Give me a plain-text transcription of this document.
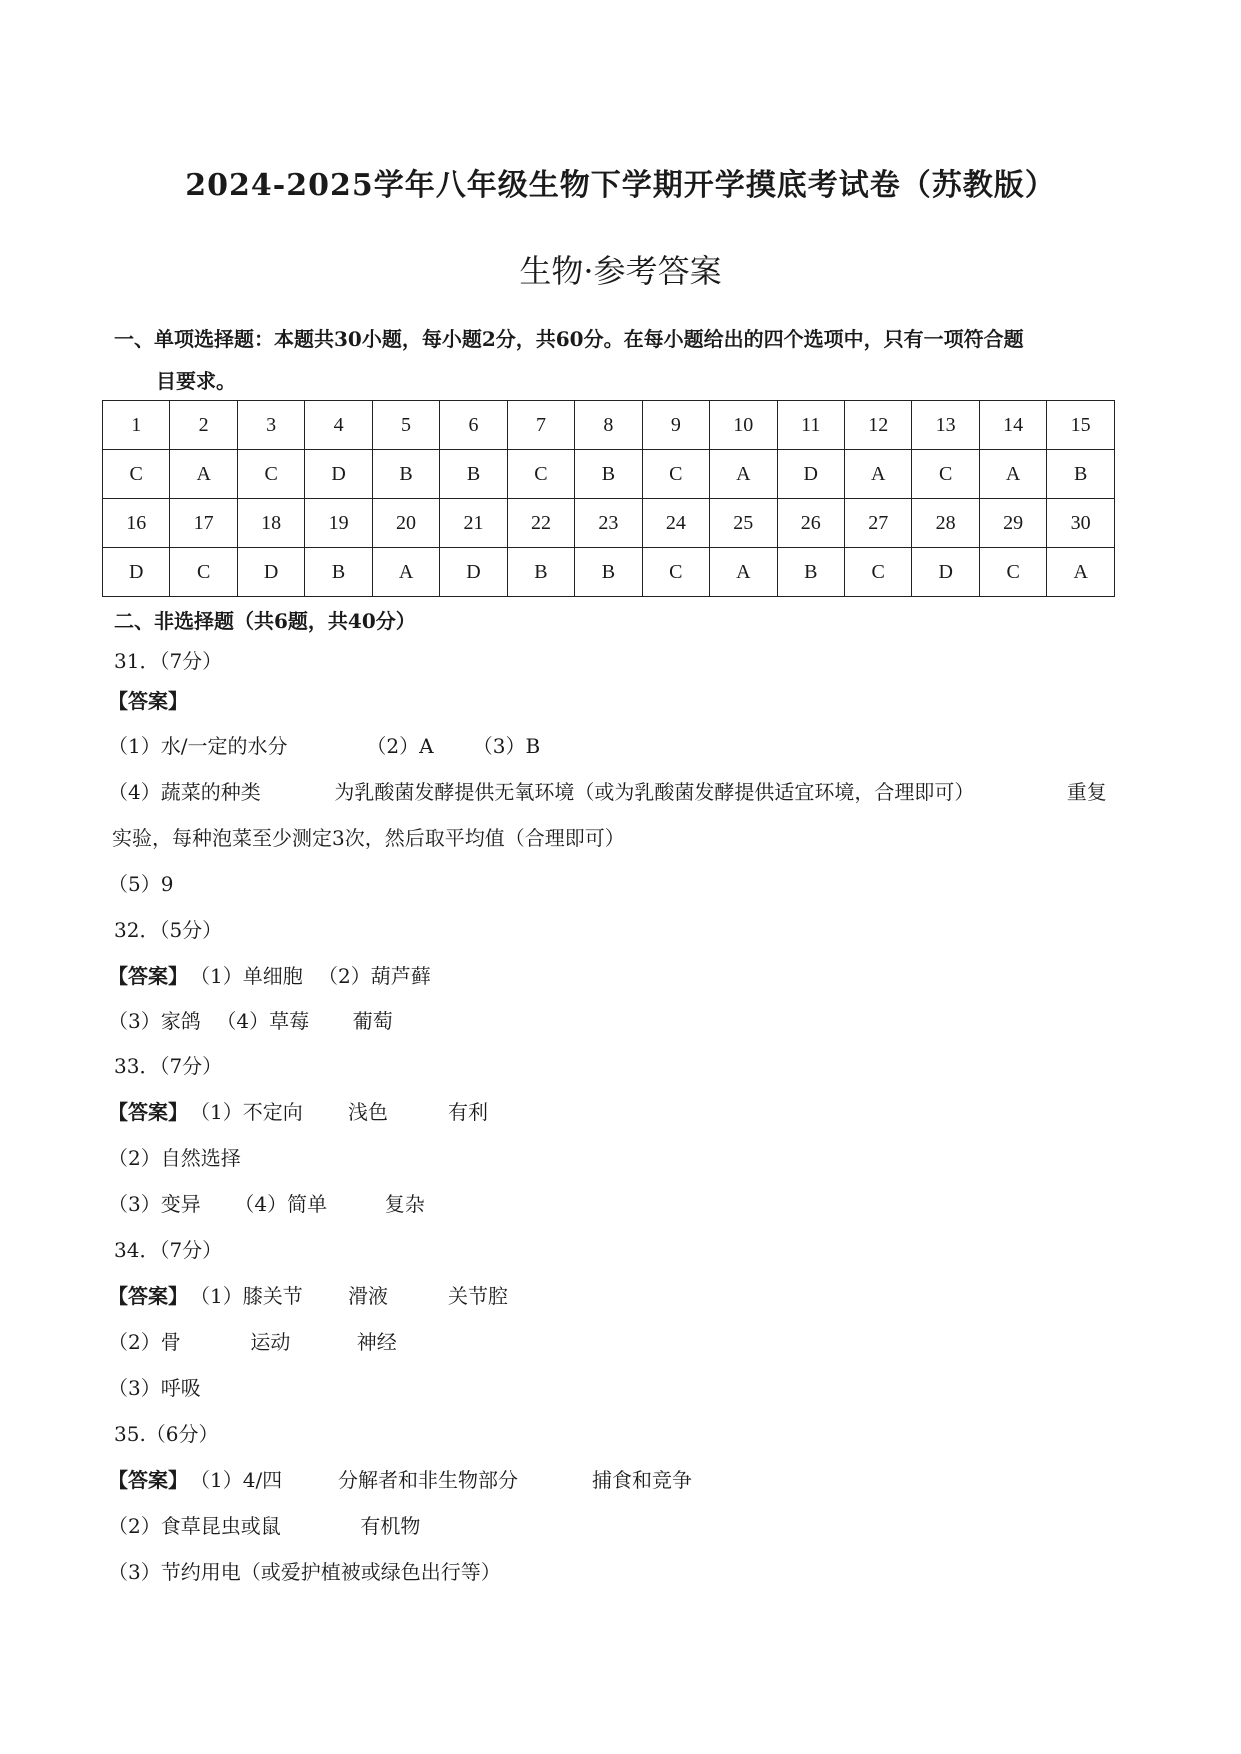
2024-2025学年八年级生物下学期开学摸底考试卷（苏教版）
生物·参考答案
一、单项选择题：本题共30小题，每小题2分，共60分。在每小题给出的四个选项中，只有一项符合题
目要求。
1	2	3	4	5	6	7	8	9	10	11	12	13	14	15
C	A	C	D	B	B	C	B	C	A	D	A	C	A	B
16	17	18	19	20	21	22	23	24	25	26	27	28	29	30
D	C	D	B	A	D	B	B	C	A	B	C	D	C	A
二、非选择题（共6题，共40分）
31．（7分）
【答案】
（1）水/一定的水分	（2）A （3）B
（4）蔬菜的种类	为乳酸菌发酵提供无氧环境（或为乳酸菌发酵提供适宜环境，合理即可）	重复
实验，每种泡菜至少测定3次，然后取平均值（合理即可）
（5）9
32．（5分）
【答案】 （1）单细胞 （2）葫芦藓
（3）家鸽 （4）草莓 葡萄
33．（7分）
【答案】 （1）不定向 浅色	有利
（2）自然选择
（3）变异 （4）简单	复杂
34．（7分）
【答案】 （1）膝关节 滑液	关节腔
（2）骨	运动	神经
（3）呼吸
35.（6分）
【答案】 （1）4/四	分解者和非生物部分	捕食和竞争
（2）食草昆虫或鼠	有机物
（3）节约用电（或爱护植被或绿色出行等）
